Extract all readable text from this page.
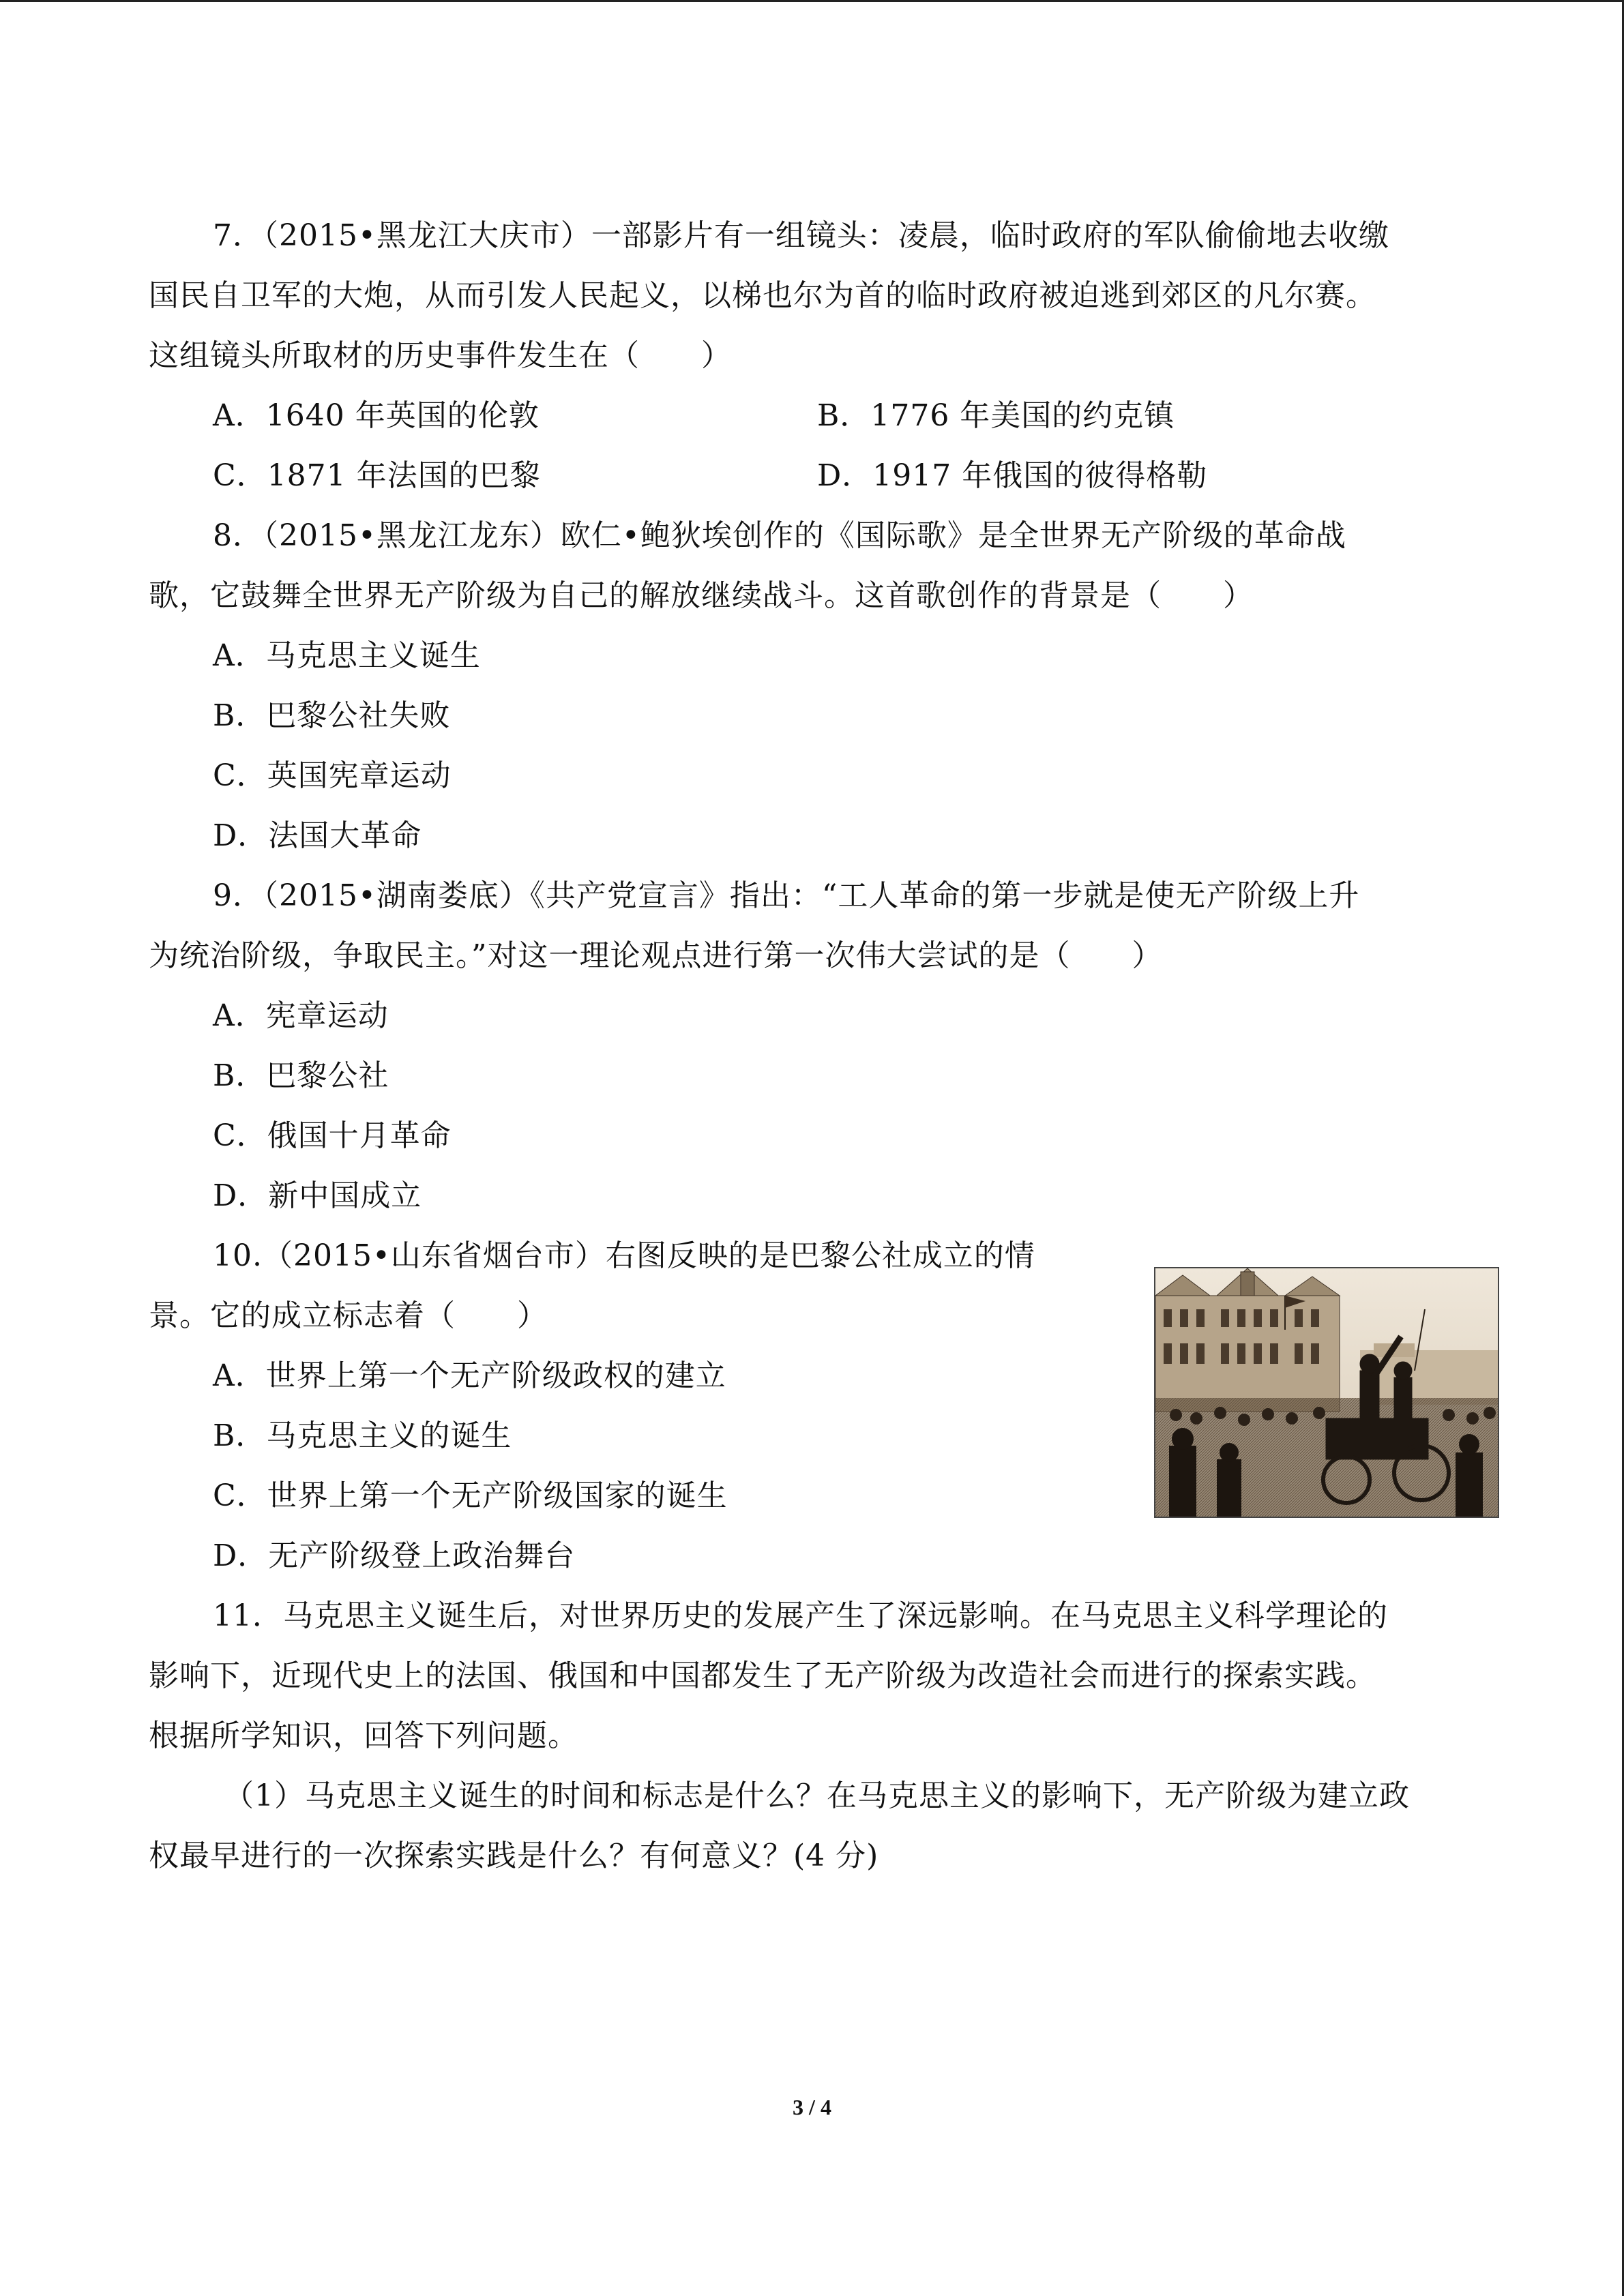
7．（2015•黑龙江大庆市）一部影片有一组镜头：凌晨，临时政府的军队偷偷地去收缴
国民自卫军的大炮，从而引发人民起义，以梯也尔为首的临时政府被迫逃到郊区的凡尔赛。
这组镜头所取材的历史事件发生在（　　）
A．1640 年英国的伦敦	B．1776 年美国的约克镇
C．1871 年法国的巴黎	D．1917 年俄国的彼得格勒
8．（2015•黑龙江龙东）欧仁•鲍狄埃创作的《国际歌》是全世界无产阶级的革命战
歌，它鼓舞全世界无产阶级为自己的解放继续战斗。这首歌创作的背景是（　　）
A．马克思主义诞生
B．巴黎公社失败
C．英国宪章运动
D．法国大革命
9．（2015•湖南娄底）《共产党宣言》指出：“工人革命的第一步就是使无产阶级上升
为统治阶级，争取民主。”对这一理论观点进行第一次伟大尝试的是（　　）
A．宪章运动
B．巴黎公社
C．俄国十月革命
D．新中国成立
10.（2015•山东省烟台市）右图反映的是巴黎公社成立的情
景。它的成立标志着（　　）
A．世界上第一个无产阶级政权的建立
B．马克思主义的诞生
C．世界上第一个无产阶级国家的诞生
D．无产阶级登上政治舞台
11．马克思主义诞生后，对世界历史的发展产生了深远影响。在马克思主义科学理论的
影响下，近现代史上的法国、俄国和中国都发生了无产阶级为改造社会而进行的探索实践。
根据所学知识，回答下列问题。
（1）马克思主义诞生的时间和标志是什么？在马克思主义的影响下，无产阶级为建立政
权最早进行的一次探索实践是什么？有何意义？(4 分)
3 / 4
